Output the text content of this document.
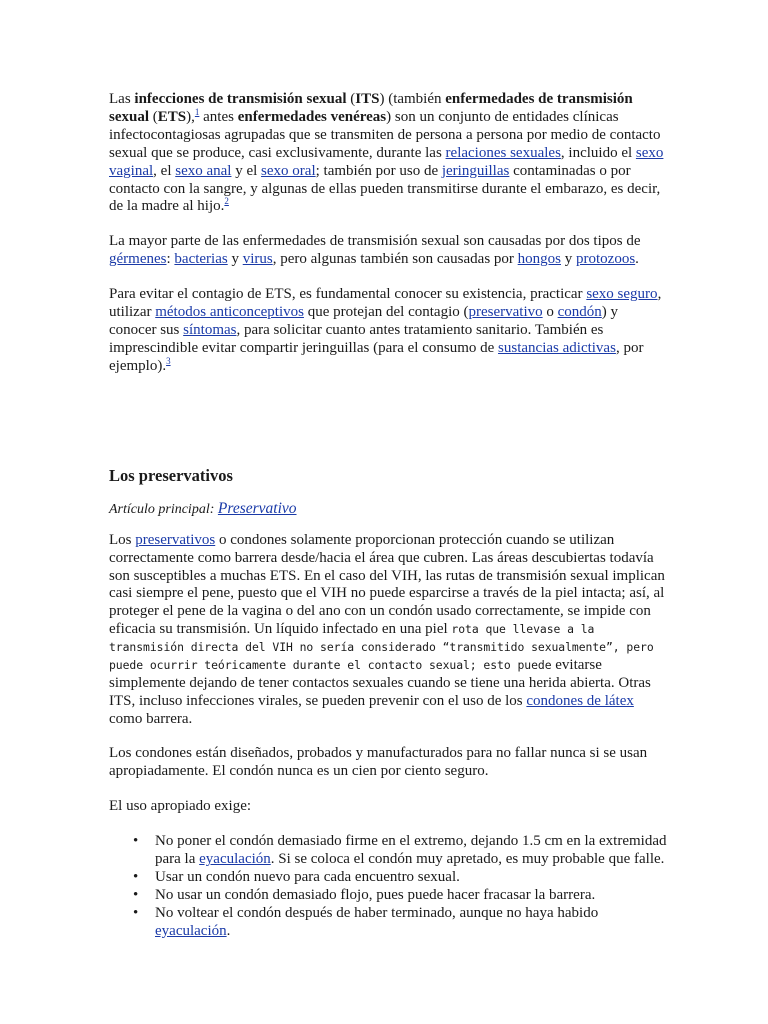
Las infecciones de transmisión sexual (ITS) (también enfermedades de transmisión sexual (ETS),$^1$ antes enfermedades venéreas) son un conjunto de entidades clínicas infectocontagiosas agrupadas que se transmiten de persona a persona por medio de contacto sexual que se produce, casi exclusivamente, durante las relaciones sexuales, incluido el sexo vaginal, el sexo anal y el sexo oral; también por uso de jeringuillas contaminadas o por contacto con la sangre, y algunas de ellas pueden transmitirse durante el embarazo, es decir, de la madre al hijo.$^2$

La mayor parte de las enfermedades de transmisión sexual son causadas por dos tipos de gérmenes: bacterias y virus, pero algunas también son causadas por hongos y protozoos.

Para evitar el contagio de ETS, es fundamental conocer su existencia, practicar sexo seguro, utilizar métodos anticonceptivos que protejan del contagio (preservativo o condón) y conocer sus síntomas, para solicitar cuanto antes tratamiento sanitario. También es imprescindible evitar compartir jeringuillas (para el consumo de sustancias adictivas, por ejemplo).$^3$

Los preservativos

Artículo principal: Preservativo

Los preservativos o condones solamente proporcionan protección cuando se utilizan correctamente como barrera desde/hacia el área que cubren. Las áreas descubiertas todavía son susceptibles a muchas ETS. En el caso del VIH, las rutas de transmisión sexual implican casi siempre el pene, puesto que el VIH no puede esparcirse a través de la piel intacta; así, al proteger el pene de la vagina o del ano con un condón usado correctamente, se impide con eficacia su transmisión. Un líquido infectado en una piel rota que llevase a la transmisión directa del VIH no sería considerado “transmitido sexualmente”, pero puede ocurrir teóricamente durante el contacto sexual; esto puede evitarse simplemente dejando de tener contactos sexuales cuando se tiene una herida abierta. Otras ITS, incluso infecciones virales, se pueden prevenir con el uso de los condones de látex como barrera.

Los condones están diseñados, probados y manufacturados para no fallar nunca si se usan apropiadamente. El condón nunca es un cien por ciento seguro.

El uso apropiado exige:

• No poner el condón demasiado firme en el extremo, dejando 1.5 cm en la extremidad para la eyaculación. Si se coloca el condón muy apretado, es muy probable que falle.
• Usar un condón nuevo para cada encuentro sexual.
• No usar un condón demasiado flojo, pues puede hacer fracasar la barrera.
• No voltear el condón después de haber terminado, aunque no haya habido eyaculación.
